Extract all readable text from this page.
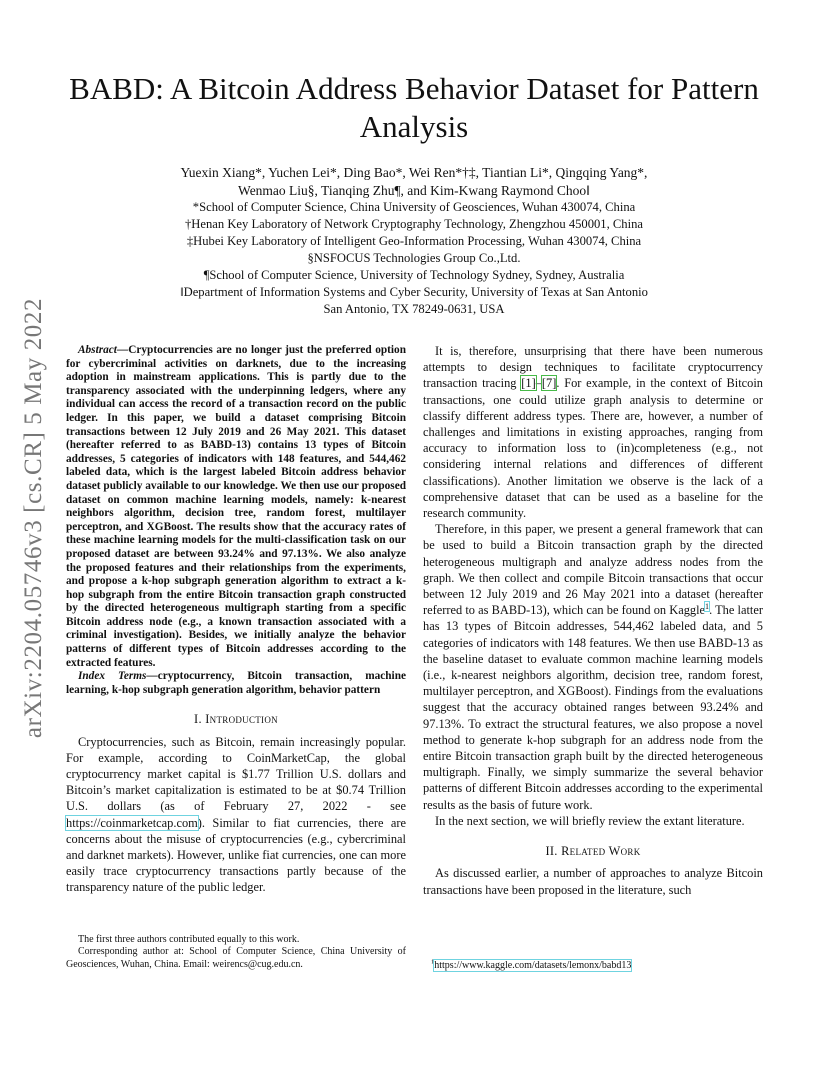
arXiv:2204.05746v3 [cs.CR] 5 May 2022
BABD: A Bitcoin Address Behavior Dataset for Pattern Analysis
Yuexin Xiang*, Yuchen Lei*, Ding Bao*, Wei Ren*†‡, Tiantian Li*, Qingqing Yang*,
Wenmao Liu§, Tianqing Zhu¶, and Kim-Kwang Raymond Choo‖
*School of Computer Science, China University of Geosciences, Wuhan 430074, China
†Henan Key Laboratory of Network Cryptography Technology, Zhengzhou 450001, China
‡Hubei Key Laboratory of Intelligent Geo-Information Processing, Wuhan 430074, China
§NSFOCUS Technologies Group Co.,Ltd.
¶School of Computer Science, University of Technology Sydney, Sydney, Australia
‖Department of Information Systems and Cyber Security, University of Texas at San Antonio
San Antonio, TX 78249-0631, USA

Abstract—Cryptocurrencies are no longer just the preferred option for cybercriminal activities on darknets, due to the increasing adoption in mainstream applications. This is partly due to the transparency associated with the underpinning ledgers, where any individual can access the record of a transaction record on the public ledger. In this paper, we build a dataset comprising Bitcoin transactions between 12 July 2019 and 26 May 2021. This dataset (hereafter referred to as BABD-13) contains 13 types of Bitcoin addresses, 5 categories of indicators with 148 features, and 544,462 labeled data, which is the largest labeled Bitcoin address behavior dataset publicly available to our knowledge. We then use our proposed dataset on common machine learning models, namely: k-nearest neighbors algorithm, decision tree, random forest, multilayer perceptron, and XGBoost. The results show that the accuracy rates of these machine learning models for the multi-classification task on our proposed dataset are between 93.24% and 97.13%. We also analyze the proposed features and their relationships from the experiments, and propose a k-hop subgraph generation algorithm to extract a k-hop subgraph from the entire Bitcoin transaction graph constructed by the directed heterogeneous multigraph starting from a specific Bitcoin address node (e.g., a known transaction associated with a criminal investigation). Besides, we initially analyze the behavior patterns of different types of Bitcoin addresses according to the extracted features.

Index Terms—cryptocurrency, Bitcoin transaction, machine learning, k-hop subgraph generation algorithm, behavior pattern

I. Introduction

Cryptocurrencies, such as Bitcoin, remain increasingly popular. For example, according to CoinMarketCap, the global cryptocurrency market capital is $1.77 Trillion U.S. dollars and Bitcoin’s market capitalization is estimated to be at $0.74 Trillion U.S. dollars (as of February 27, 2022 - see https://coinmarketcap.com). Similar to fiat currencies, there are concerns about the misuse of cryptocurrencies (e.g., cybercriminal and darknet markets). However, unlike fiat currencies, one can more easily trace cryptocurrency transactions partly because of the transparency nature of the public ledger.

It is, therefore, unsurprising that there have been numerous attempts to design techniques to facilitate cryptocurrency transaction tracing [1]–[7]. For example, in the context of Bitcoin transactions, one could utilize graph analysis to determine or classify different address types. There are, however, a number of challenges and limitations in existing approaches, ranging from accuracy to information loss to (in)completeness (e.g., not considering internal relations and differences of different classifications). Another limitation we observe is the lack of a comprehensive dataset that can be used as a baseline for the research community.

Therefore, in this paper, we present a general framework that can be used to build a Bitcoin transaction graph by the directed heterogeneous multigraph and analyze address nodes from the graph. We then collect and compile Bitcoin transactions that occur between 12 July 2019 and 26 May 2021 into a dataset (hereafter referred to as BABD-13), which can be found on Kaggle$^1$. The latter has 13 types of Bitcoin addresses, 544,462 labeled data, and 5 categories of indicators with 148 features. We then use BABD-13 as the baseline dataset to evaluate common machine learning models (i.e., k-nearest neighbors algorithm, decision tree, random forest, multilayer perceptron, and XGBoost). Findings from the evaluations suggest that the accuracy obtained ranges between 93.24% and 97.13%. To extract the structural features, we also propose a novel method to generate k-hop subgraph for an address node from the entire Bitcoin transaction graph built by the directed heterogeneous multigraph. Finally, we simply summarize the several behavior patterns of different Bitcoin addresses according to the experimental results as the basis of future work.

In the next section, we will briefly review the extant literature.

II. Related Work

As discussed earlier, a number of approaches to analyze Bitcoin transactions have been proposed in the literature, such

The first three authors contributed equally to this work.

Corresponding author at: School of Computer Science, China University of Geosciences, Wuhan, China. Email: weirencs@cug.edu.cn.	$^1$https://www.kaggle.com/datasets/lemonx/babd13
